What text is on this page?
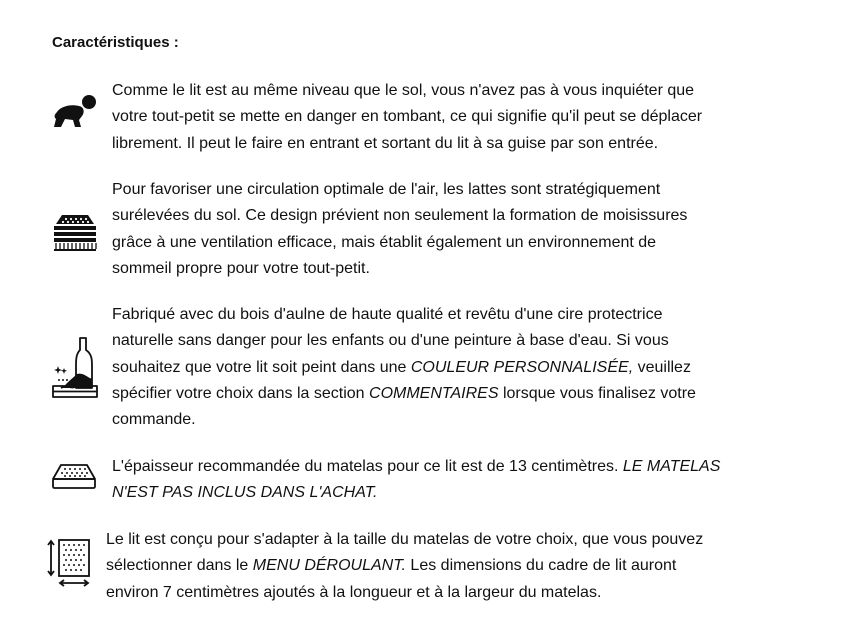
Caractéristiques :
Comme le lit est au même niveau que le sol, vous n'avez pas à vous inquiéter que
votre tout-petit se mette en danger en tombant, ce qui signifie qu'il peut se déplacer
librement. Il peut le faire en entrant et sortant du lit à sa guise par son entrée.
Pour favoriser une circulation optimale de l'air, les lattes sont stratégiquement
surélevées du sol. Ce design prévient non seulement la formation de moisissures
grâce à une ventilation efficace, mais établit également un environnement de
sommeil propre pour votre tout-petit.
Fabriqué avec du bois d'aulne de haute qualité et revêtu d'une cire protectrice
naturelle sans danger pour les enfants ou d'une peinture à base d'eau. Si vous
souhaitez que votre lit soit peint dans une COULEUR PERSONNALISÉE, veuillez
spécifier votre choix dans la section COMMENTAIRES lorsque vous finalisez votre
commande.
L'épaisseur recommandée du matelas pour ce lit est de 13 centimètres. LE MATELAS
N'EST PAS INCLUS DANS L'ACHAT.
Le lit est conçu pour s'adapter à la taille du matelas de votre choix, que vous pouvez
sélectionner dans le MENU DÉROULANT. Les dimensions du cadre de lit auront
environ 7 centimètres ajoutés à la longueur et à la largeur du matelas.
